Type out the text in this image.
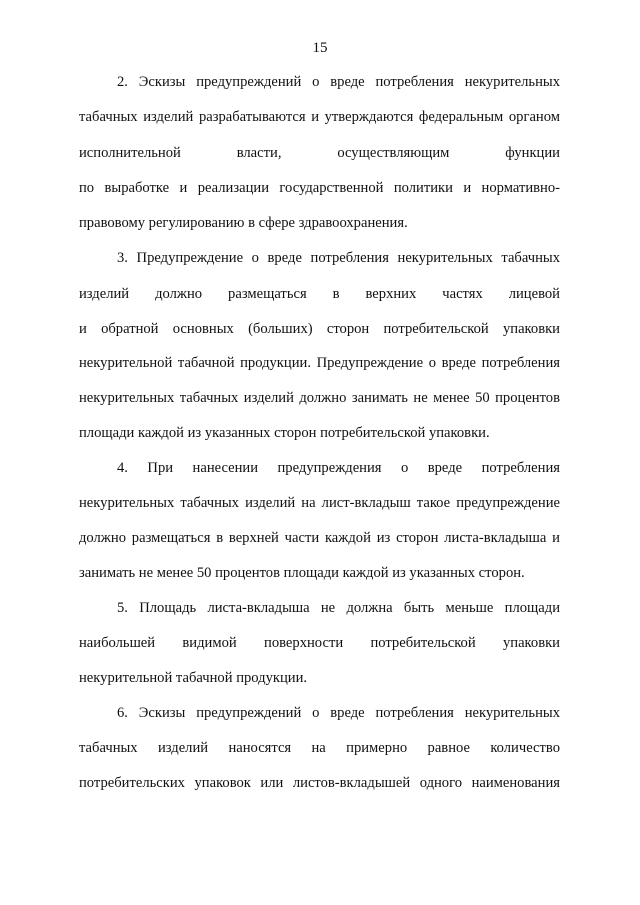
15
2. Эскизы предупреждений о вреде потребления некурительных
табачных изделий разрабатываются и утверждаются федеральным органом
исполнительной власти, осуществляющим функции
по выработке и реализации государственной политики и нормативно-
правовому регулированию в сфере здравоохранения.
3. Предупреждение о вреде потребления некурительных табачных
изделий должно размещаться в верхних частях лицевой
и обратной основных (больших) сторон потребительской упаковки
некурительной табачной продукции. Предупреждение о вреде потребления
некурительных табачных изделий должно занимать не менее 50 процентов
площади каждой из указанных сторон потребительской упаковки.
4. При нанесении предупреждения о вреде потребления
некурительных табачных изделий на лист-вкладыш такое предупреждение
должно размещаться в верхней части каждой из сторон листа-вкладыша и
занимать не менее 50 процентов площади каждой из указанных сторон.
5. Площадь листа-вкладыша не должна быть меньше площади
наибольшей видимой поверхности потребительской упаковки
некурительной табачной продукции.
6. Эскизы предупреждений о вреде потребления некурительных
табачных изделий наносятся на примерно равное количество
потребительских упаковок или листов-вкладышей одного наименования
